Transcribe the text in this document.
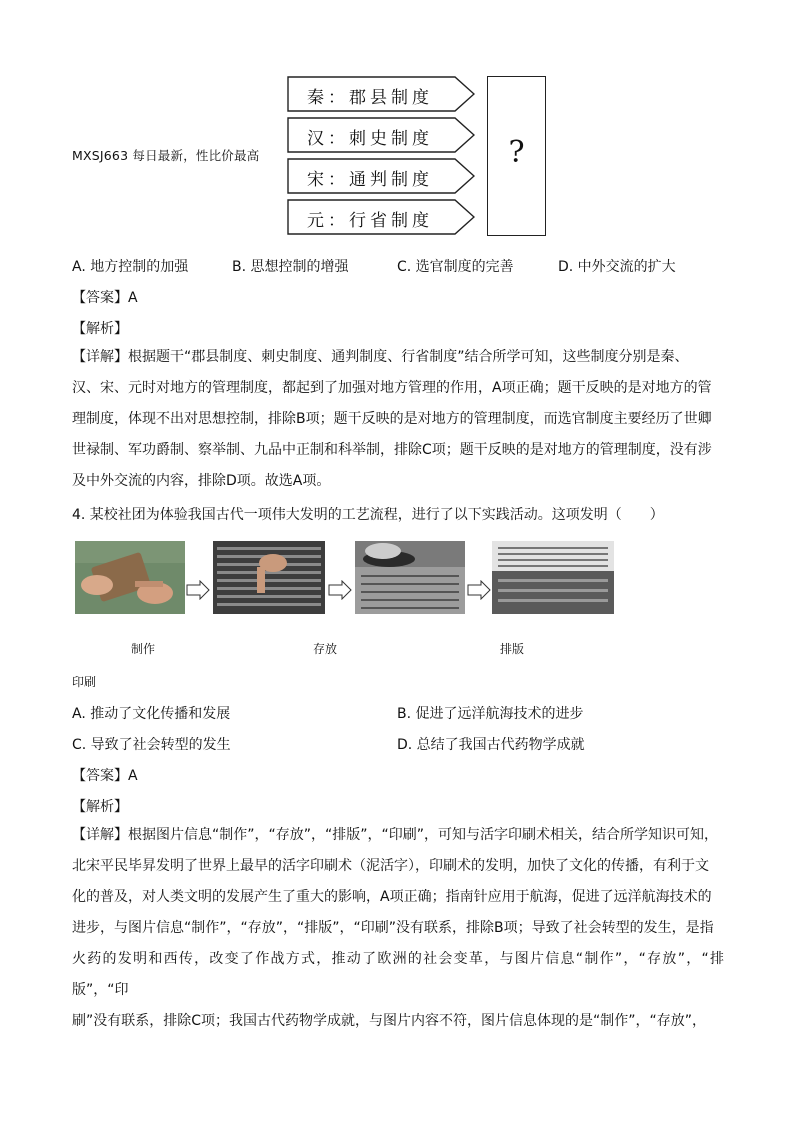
MXSJ663 每日最新，性比价最高
秦：郡县制度
汉：刺史制度
宋：通判制度
元：行省制度
?
A. 地方控制的加强	B. 思想控制的增强	C. 选官制度的完善	D. 中外交流的扩大
【答案】A
【解析】
【详解】根据题干“郡县制度、刺史制度、通判制度、行省制度”结合所学可知，这些制度分别是秦、
汉、宋、元时对地方的管理制度，都起到了加强对地方管理的作用，A项正确；题干反映的是对地方的管
理制度，体现不出对思想控制，排除B项；题干反映的是对地方的管理制度，而选官制度主要经历了世卿
世禄制、军功爵制、察举制、九品中正制和科举制，排除C项；题干反映的是对地方的管理制度，没有涉
及中外交流的内容，排除D项。故选A项。
4. 某校社团为体验我国古代一项伟大发明的工艺流程，进行了以下实践活动。这项发明（　　）
制作	存放	排版
印刷
A. 推动了文化传播和发展	B. 促进了远洋航海技术的进步
C. 导致了社会转型的发生	D. 总结了我国古代药物学成就
【答案】A
【解析】
【详解】根据图片信息“制作”，“存放”，“排版”，“印刷”，可知与活字印刷术相关，结合所学知识可知，
北宋平民毕昇发明了世界上最早的活字印刷术（泥活字），印刷术的发明，加快了文化的传播，有利于文
化的普及，对人类文明的发展产生了重大的影响，A项正确；指南针应用于航海，促进了远洋航海技术的
进步，与图片信息“制作”，“存放”，“排版”，“印刷”没有联系，排除B项；导致了社会转型的发生，是指
火药的发明和西传，改变了作战方式，推动了欧洲的社会变革，与图片信息“制作”，“存放”，“排版”，“印
刷”没有联系，排除C项；我国古代药物学成就，与图片内容不符，图片信息体现的是“制作”，“存放”，
